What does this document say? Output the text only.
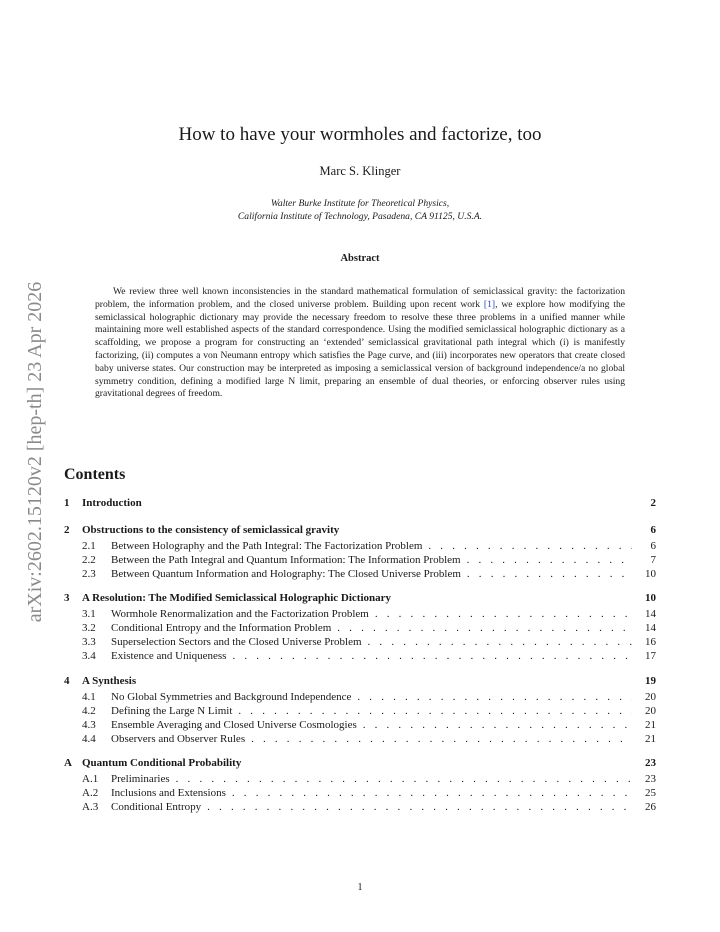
arXiv:2602.15120v2 [hep-th] 23 Apr 2026
How to have your wormholes and factorize, too
Marc S. Klinger
Walter Burke Institute for Theoretical Physics,
California Institute of Technology, Pasadena, CA 91125, U.S.A.
Abstract
We review three well known inconsistencies in the standard mathematical formulation of semiclassical gravity: the factorization problem, the information problem, and the closed universe problem. Building upon recent work [1], we explore how modifying the semiclassical holographic dictionary may provide the necessary freedom to resolve these three problems in a unified manner while maintaining more well established aspects of the standard correspondence. Using the modified semiclassical holographic dictionary as a scaffolding, we propose a program for constructing an ‘extended’ semiclassical gravitational path integral which (i) is manifestly factorizing, (ii) computes a von Neumann entropy which satisfies the Page curve, and (iii) incorporates new operators that create closed baby universe states. Our construction may be interpreted as imposing a semiclassical version of background independence/a no global symmetry condition, defining a modified large N limit, preparing an ensemble of dual theories, or enforcing observer rules using gravitational degrees of freedom.
Contents
1	Introduction	2
2	Obstructions to the consistency of semiclassical gravity	6
2.1	Between Holography and the Path Integral: The Factorization Problem . . .	6
2.2	Between the Path Integral and Quantum Information: The Information Problem . . .	7
2.3	Between Quantum Information and Holography: The Closed Universe Problem . . .	10
3	A Resolution: The Modified Semiclassical Holographic Dictionary	10
3.1	Wormhole Renormalization and the Factorization Problem . . .	14
3.2	Conditional Entropy and the Information Problem . . .	14
3.3	Superselection Sectors and the Closed Universe Problem . . .	16
3.4	Existence and Uniqueness . . .	17
4	A Synthesis	19
4.1	No Global Symmetries and Background Independence . . .	20
4.2	Defining the Large N Limit . . .	20
4.3	Ensemble Averaging and Closed Universe Cosmologies . . .	21
4.4	Observers and Observer Rules . . .	21
A Quantum Conditional Probability	23
A.1	Preliminaries . . .	23
A.2	Inclusions and Extensions . . .	25
A.3	Conditional Entropy . . .	26
1
